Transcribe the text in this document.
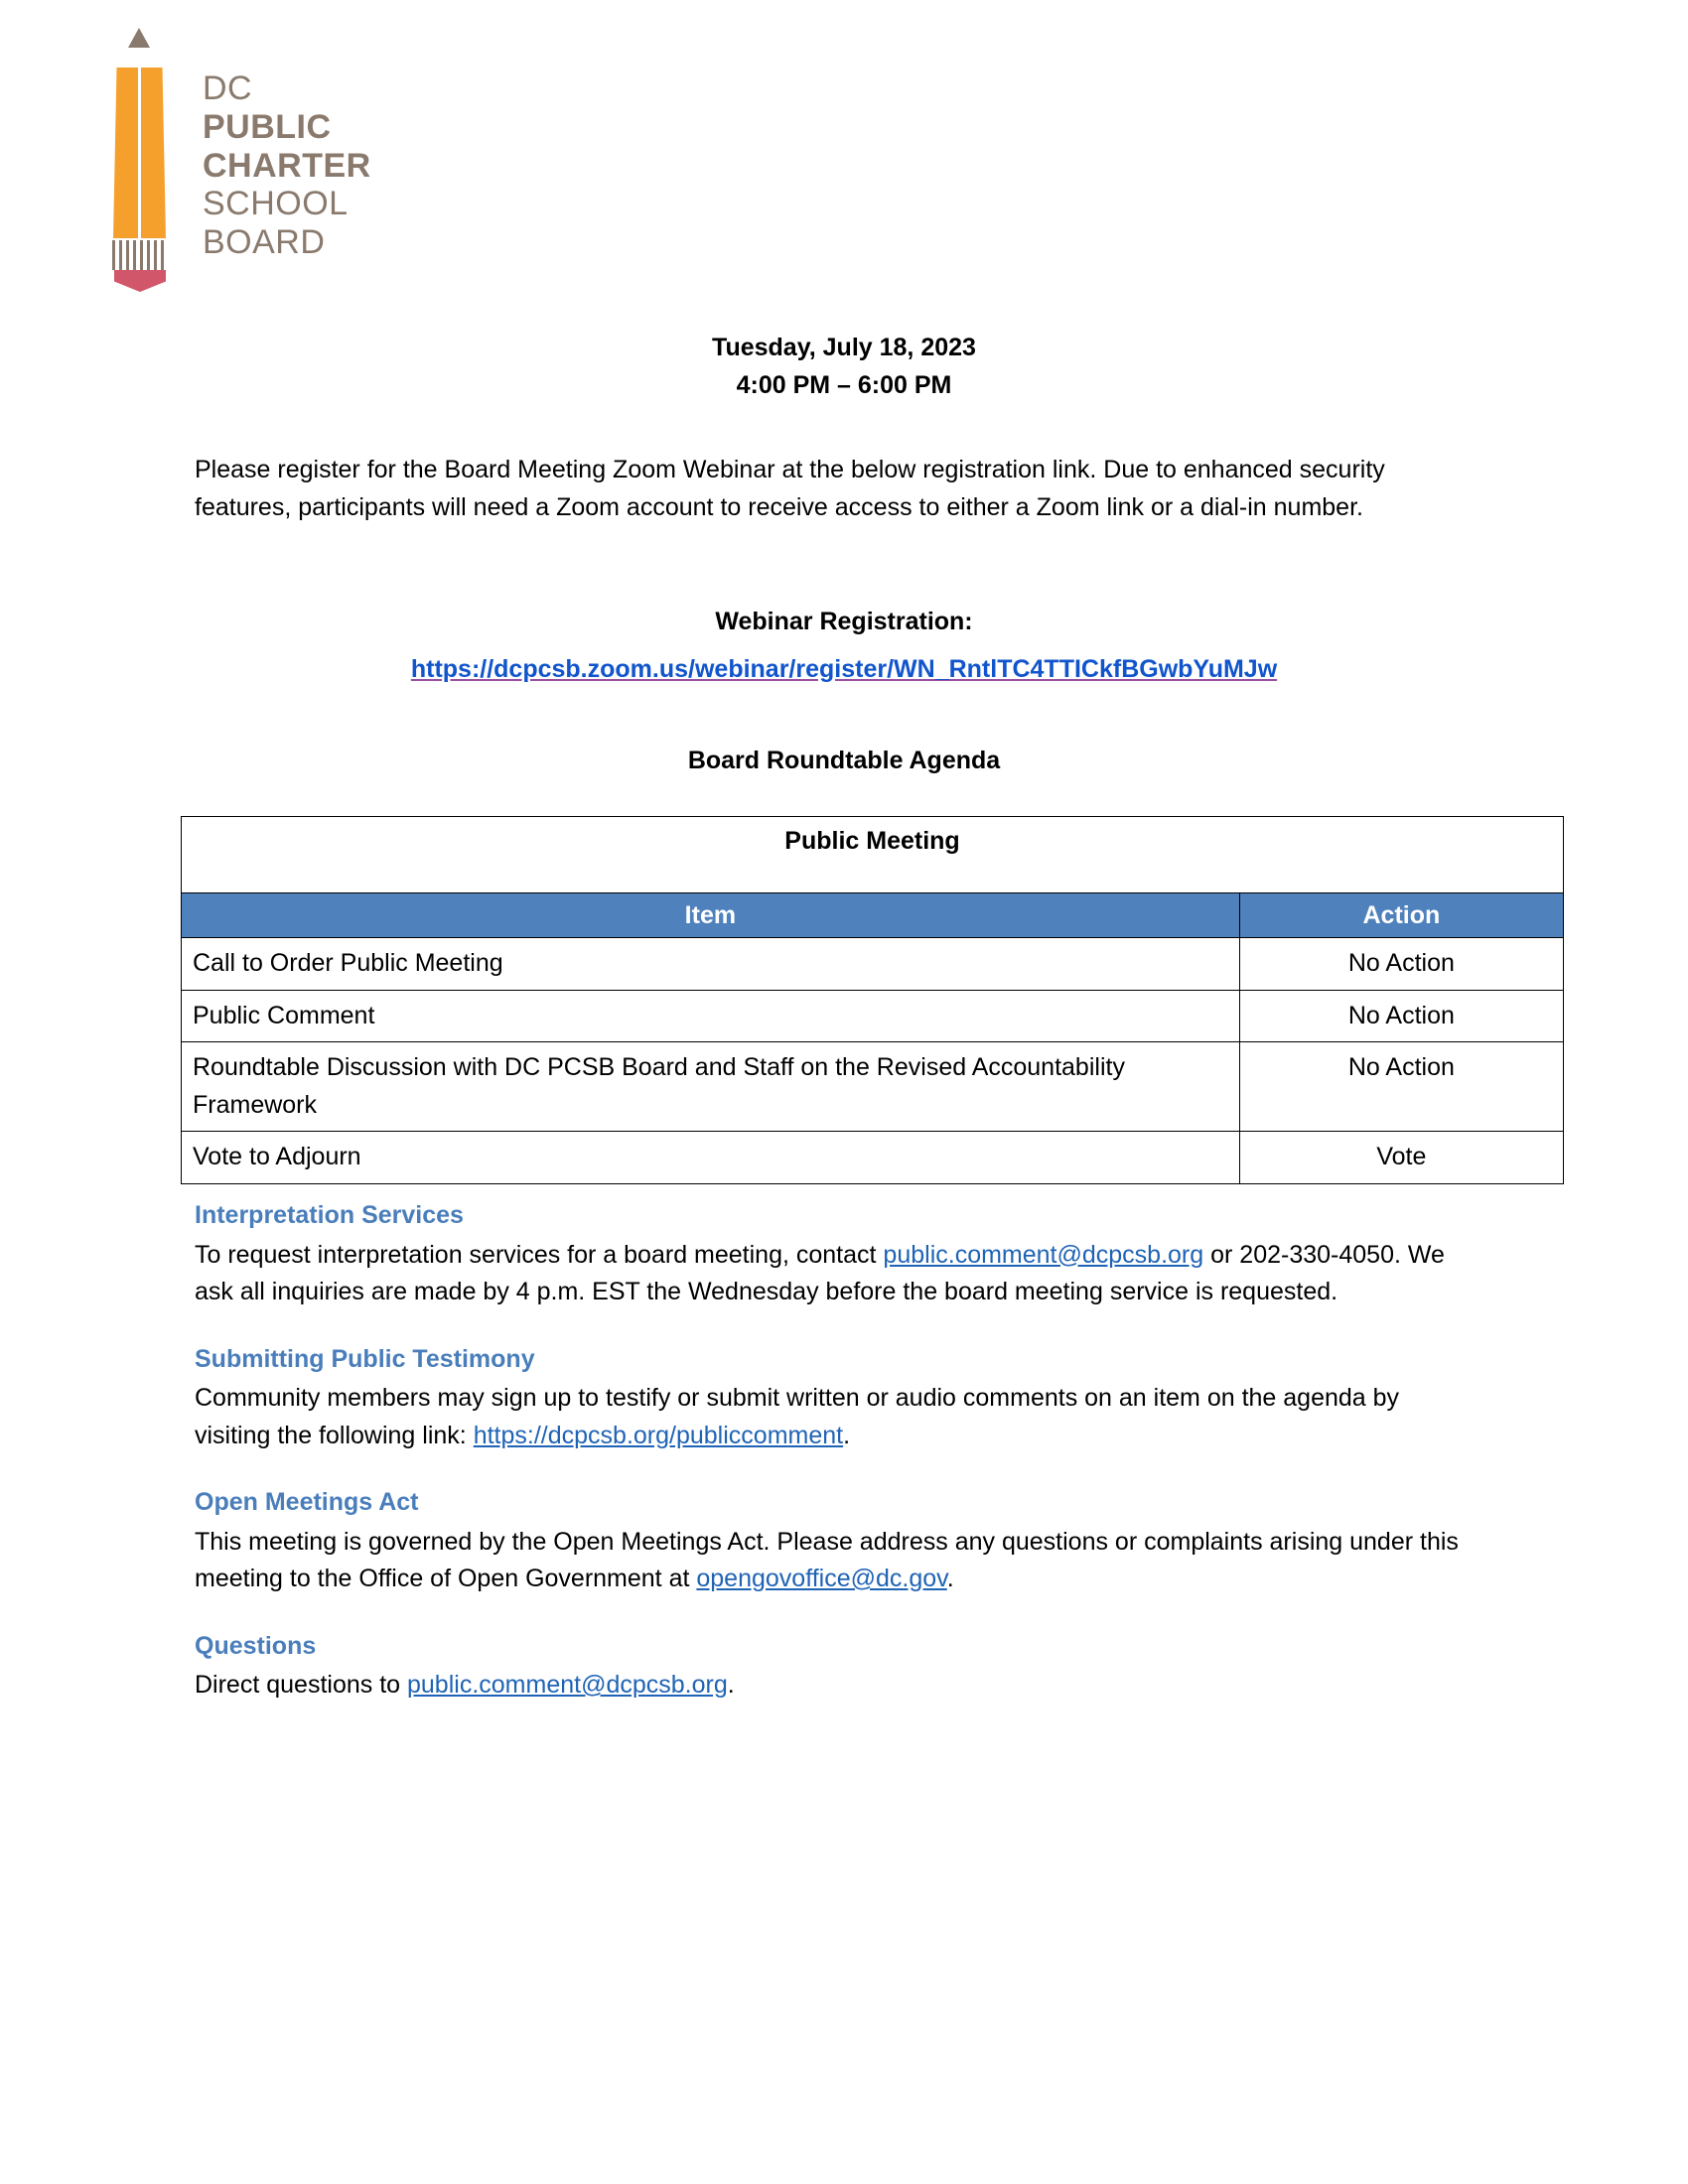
DC
PUBLIC
CHARTER
SCHOOL
BOARD
Tuesday, July 18, 2023
4:00 PM – 6:00 PM
Please register for the Board Meeting Zoom Webinar at the below registration link. Due to enhanced security features, participants will need a Zoom account to receive access to either a Zoom link or a dial-in number.
Webinar Registration:
https://dcpcsb.zoom.us/webinar/register/WN_RntlTC4TTICkfBGwbYuMJw
Board Roundtable Agenda
Public Meeting	
Item	Action
Call to Order Public Meeting	No Action
Public Comment	No Action
Roundtable Discussion with DC PCSB Board and Staff on the Revised Accountability Framework	No Action
Vote to Adjourn	Vote
Interpretation Services
To request interpretation services for a board meeting, contact public.comment@dcpcsb.org or 202-330-4050. We ask all inquiries are made by 4 p.m. EST the Wednesday before the board meeting service is requested.
Submitting Public Testimony
Community members may sign up to testify or submit written or audio comments on an item on the agenda by visiting the following link: https://dcpcsb.org/publiccomment.
Open Meetings Act
This meeting is governed by the Open Meetings Act. Please address any questions or complaints arising under this meeting to the Office of Open Government at opengovoffice@dc.gov.
Questions
Direct questions to public.comment@dcpcsb.org.
